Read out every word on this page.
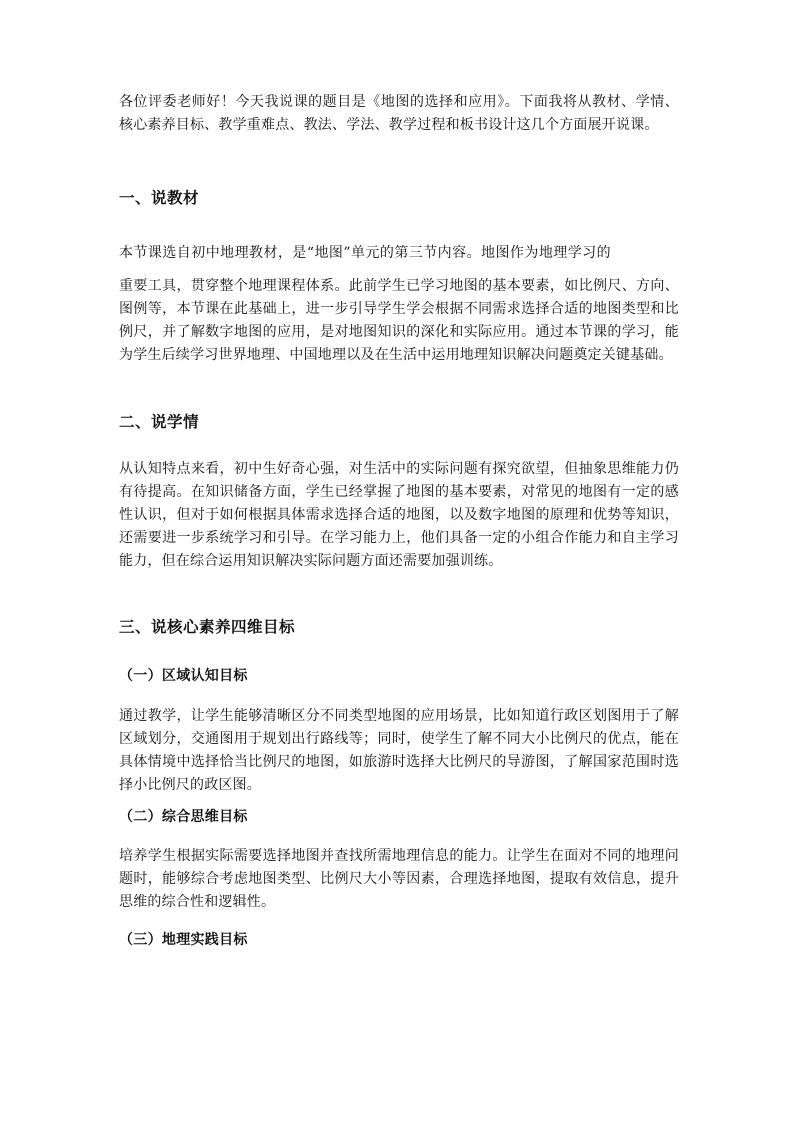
各位评委老师好！今天我说课的题目是《地图的选择和应用》。下面我将从教材、学情、核心素养目标、教学重难点、教法、学法、教学过程和板书设计这几个方面展开说课。

一、说教材

本节课选自初中地理教材，是“地图”单元的第三节内容。地图作为地理学习的

重要工具，贯穿整个地理课程体系。此前学生已学习地图的基本要素，如比例尺、方向、图例等，本节课在此基础上，进一步引导学生学会根据不同需求选择合适的地图类型和比例尺，并了解数字地图的应用，是对地图知识的深化和实际应用。通过本节课的学习，能为学生后续学习世界地理、中国地理以及在生活中运用地理知识解决问题奠定关键基础。

二、说学情

从认知特点来看，初中生好奇心强，对生活中的实际问题有探究欲望，但抽象思维能力仍有待提高。在知识储备方面，学生已经掌握了地图的基本要素，对常见的地图有一定的感性认识，但对于如何根据具体需求选择合适的地图，以及数字地图的原理和优势等知识，还需要进一步系统学习和引导。在学习能力上，他们具备一定的小组合作能力和自主学习能力，但在综合运用知识解决实际问题方面还需要加强训练。

三、说核心素养四维目标
（一）区域认知目标

通过教学，让学生能够清晰区分不同类型地图的应用场景，比如知道行政区划图用于了解区域划分，交通图用于规划出行路线等；同时，使学生了解不同大小比例尺的优点，能在具体情境中选择恰当比例尺的地图，如旅游时选择大比例尺的导游图，了解国家范围时选择小比例尺的政区图。

（二）综合思维目标

培养学生根据实际需要选择地图并查找所需地理信息的能力。让学生在面对不同的地理问题时，能够综合考虑地图类型、比例尺大小等因素，合理选择地图，提取有效信息，提升思维的综合性和逻辑性。

（三）地理实践目标
